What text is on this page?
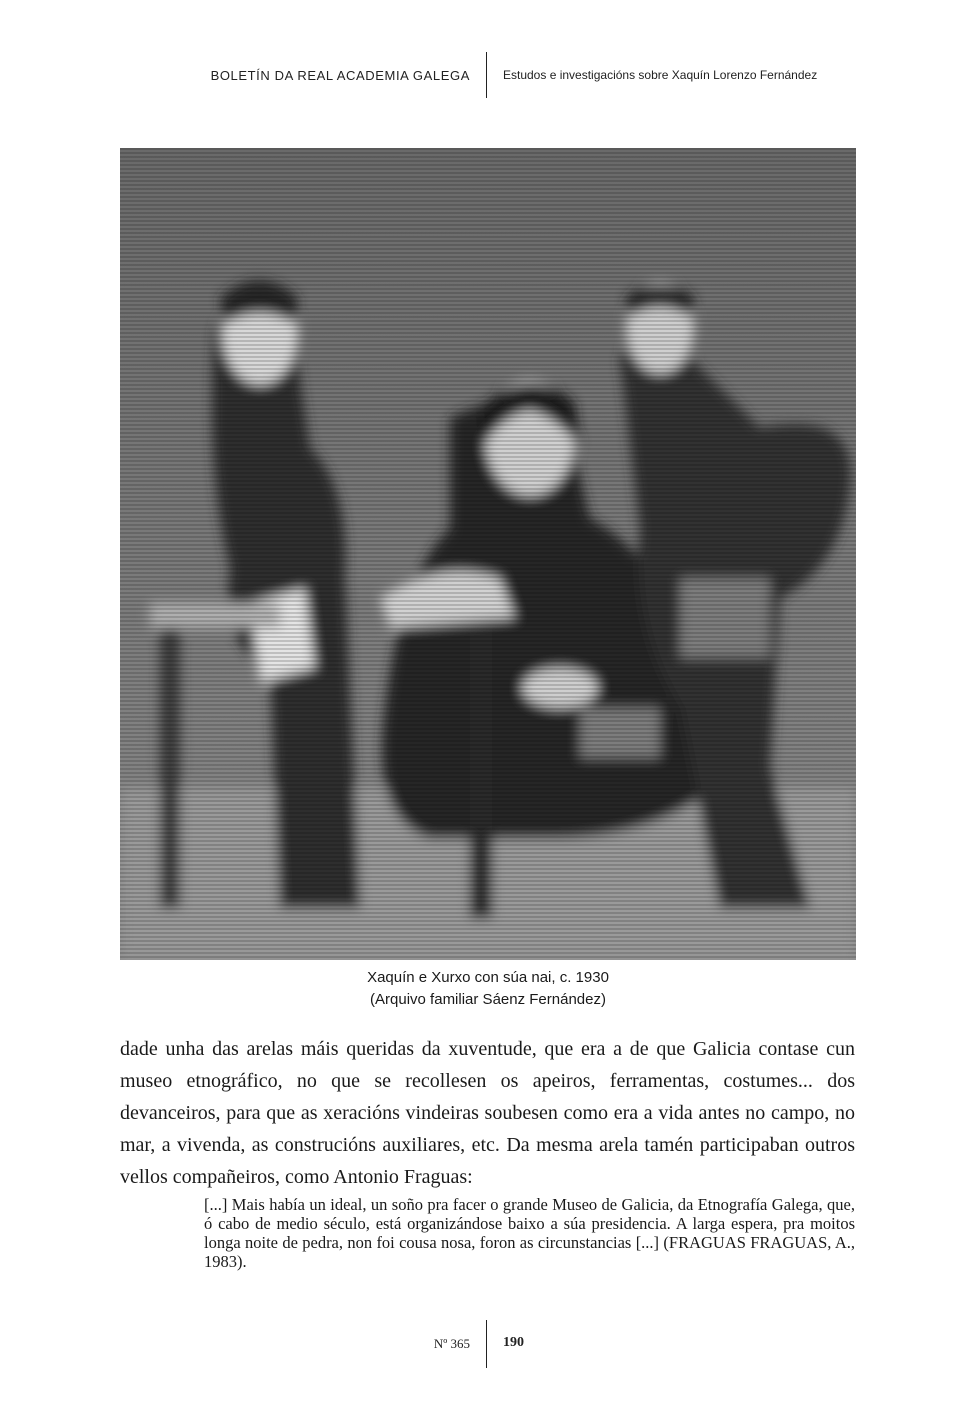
BOLETÍN DA REAL ACADEMIA GALEGA	Estudos e investigacións sobre Xaquín Lorenzo Fernández
Xaquín e Xurxo con súa nai, c. 1930
(Arquivo familiar Sáenz Fernández)

dade unha das arelas máis queridas da xuventude, que era a de que Galicia contase cun museo etnográfico, no que se recollesen os apeiros, ferramentas, costumes... dos devanceiros, para que as xeracións vindeiras soubesen como era a vida antes no campo, no mar, a vivenda, as construcións auxiliares, etc. Da mesma arela tamén participaban outros vellos compañeiros, como Antonio Fraguas:

[...] Mais había un ideal, un soño pra facer o grande Museo de Galicia, da Etnografía Galega, que, ó cabo de medio século, está organizándose baixo a súa presidencia. A larga espera, pra moitos longa noite de pedra, non foi cousa nosa, foron as circunstancias [...] (FRAGUAS FRAGUAS, A., 1983).

Nº 365 190
